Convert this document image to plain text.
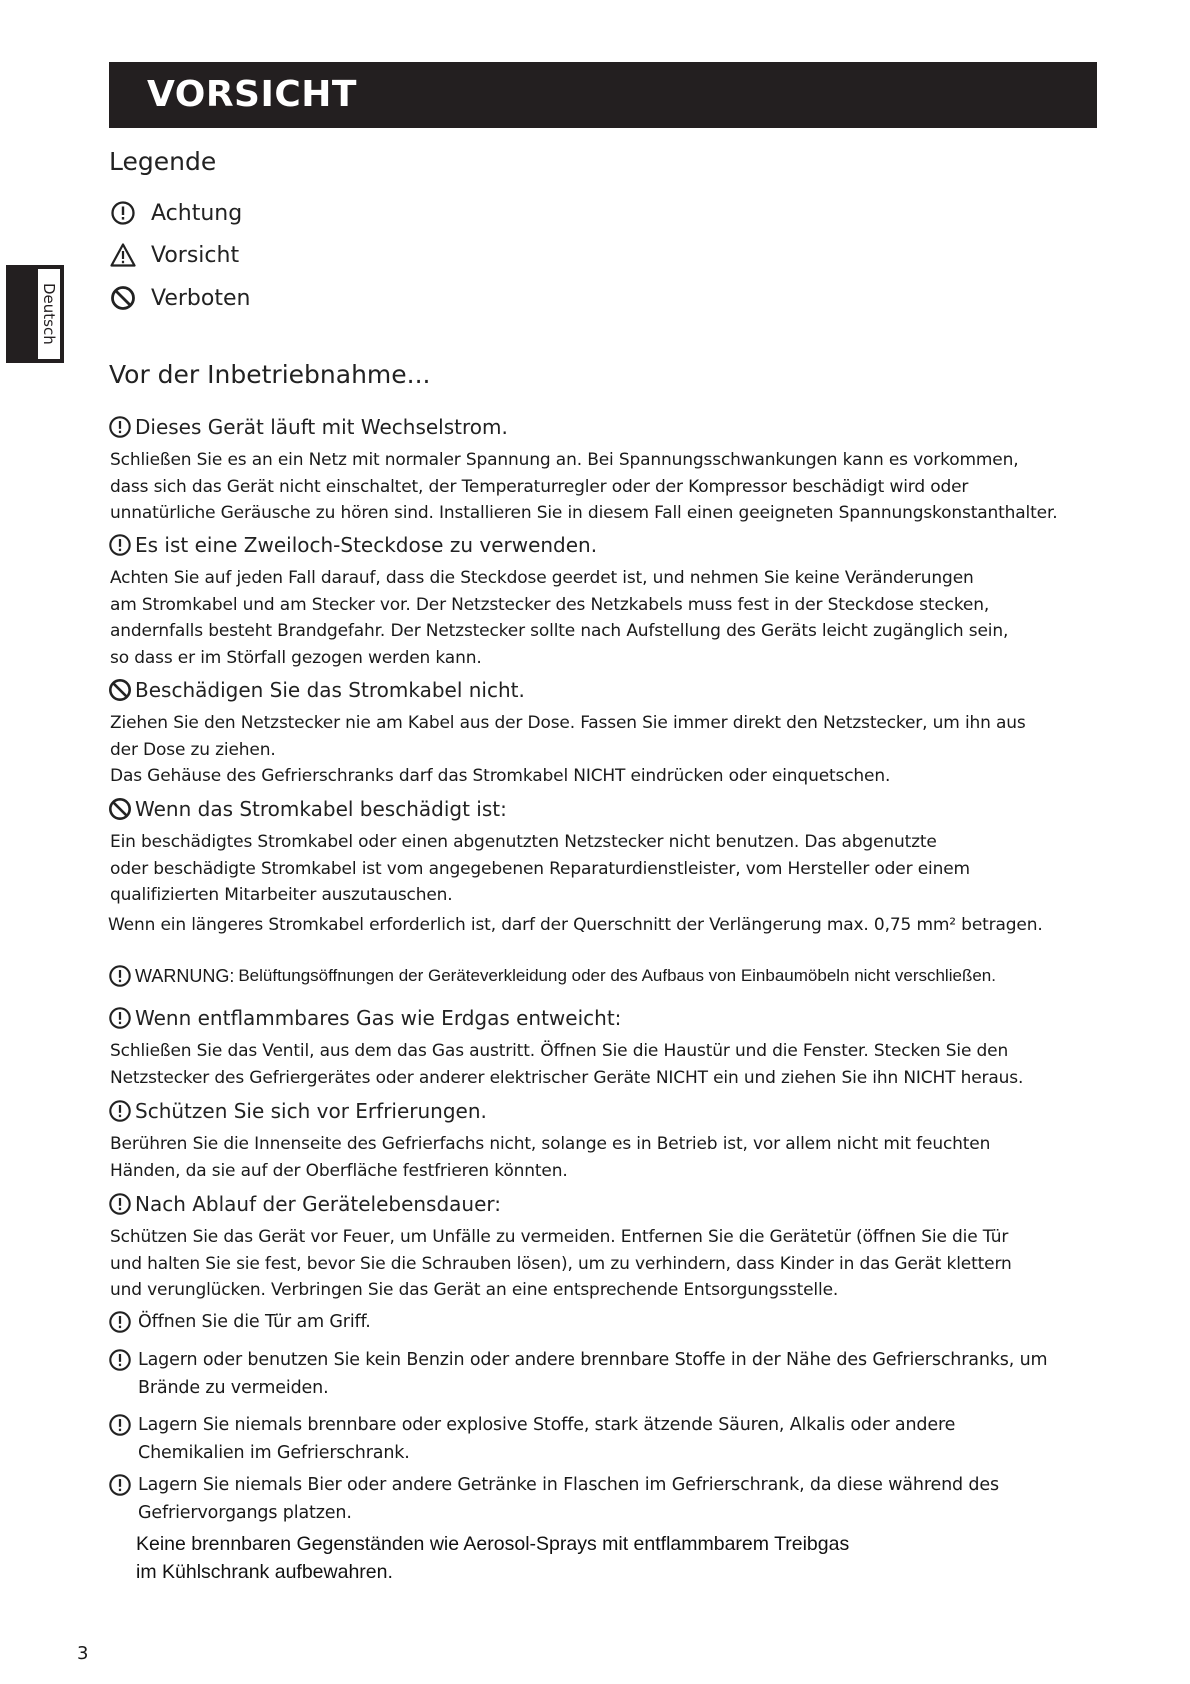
VORSICHT
Deutsch
Legende
Achtung
Vorsicht
Verboten
Vor der Inbetriebnahme...
Dieses Gerät läuft mit Wechselstrom.
Schließen Sie es an ein Netz mit normaler Spannung an. Bei Spannungsschwankungen kann es vorkommen,
dass sich das Gerät nicht einschaltet, der Temperaturregler oder der Kompressor beschädigt wird oder
unnatürliche Geräusche zu hören sind. Installieren Sie in diesem Fall einen geeigneten Spannungskonstanthalter.
Es ist eine Zweiloch-Steckdose zu verwenden.
Achten Sie auf jeden Fall darauf, dass die Steckdose geerdet ist, und nehmen Sie keine Veränderungen
am Stromkabel und am Stecker vor. Der Netzstecker des Netzkabels muss fest in der Steckdose stecken,
andernfalls besteht Brandgefahr. Der Netzstecker sollte nach Aufstellung des Geräts leicht zugänglich sein,
so dass er im Störfall gezogen werden kann.
Beschädigen Sie das Stromkabel nicht.
Ziehen Sie den Netzstecker nie am Kabel aus der Dose. Fassen Sie immer direkt den Netzstecker, um ihn aus
der Dose zu ziehen.
Das Gehäuse des Gefrierschranks darf das Stromkabel NICHT eindrücken oder einquetschen.
Wenn das Stromkabel beschädigt ist:
Ein beschädigtes Stromkabel oder einen abgenutzten Netzstecker nicht benutzen. Das abgenutzte
oder beschädigte Stromkabel ist vom angegebenen Reparaturdienstleister, vom Hersteller oder einem
qualifizierten Mitarbeiter auszutauschen.
Wenn ein längeres Stromkabel erforderlich ist, darf der Querschnitt der Verlängerung max. 0,75 mm² betragen.
WARNUNG: Belüftungsöffnungen der Geräteverkleidung oder des Aufbaus von Einbaumöbeln nicht verschließen.
Wenn entflammbares Gas wie Erdgas entweicht:
Schließen Sie das Ventil, aus dem das Gas austritt. Öffnen Sie die Haustür und die Fenster. Stecken Sie den
Netzstecker des Gefriergerätes oder anderer elektrischer Geräte NICHT ein und ziehen Sie ihn NICHT heraus.
Schützen Sie sich vor Erfrierungen.
Berühren Sie die Innenseite des Gefrierfachs nicht, solange es in Betrieb ist, vor allem nicht mit feuchten
Händen, da sie auf der Oberfläche festfrieren könnten.
Nach Ablauf der Gerätelebensdauer:
Schützen Sie das Gerät vor Feuer, um Unfälle zu vermeiden. Entfernen Sie die Gerätetür (öffnen Sie die Tür
und halten Sie sie fest, bevor Sie die Schrauben lösen), um zu verhindern, dass Kinder in das Gerät klettern
und verunglücken. Verbringen Sie das Gerät an eine entsprechende Entsorgungsstelle.
Öffnen Sie die Tür am Griff.
Lagern oder benutzen Sie kein Benzin oder andere brennbare Stoffe in der Nähe des Gefrierschranks, um
Brände zu vermeiden.
Lagern Sie niemals brennbare oder explosive Stoffe, stark ätzende Säuren, Alkalis oder andere
Chemikalien im Gefrierschrank.
Lagern Sie niemals Bier oder andere Getränke in Flaschen im Gefrierschrank, da diese während des
Gefriervorgangs platzen.
Keine brennbaren Gegenständen wie Aerosol-Sprays mit entflammbarem Treibgas
im Kühlschrank aufbewahren.
3
